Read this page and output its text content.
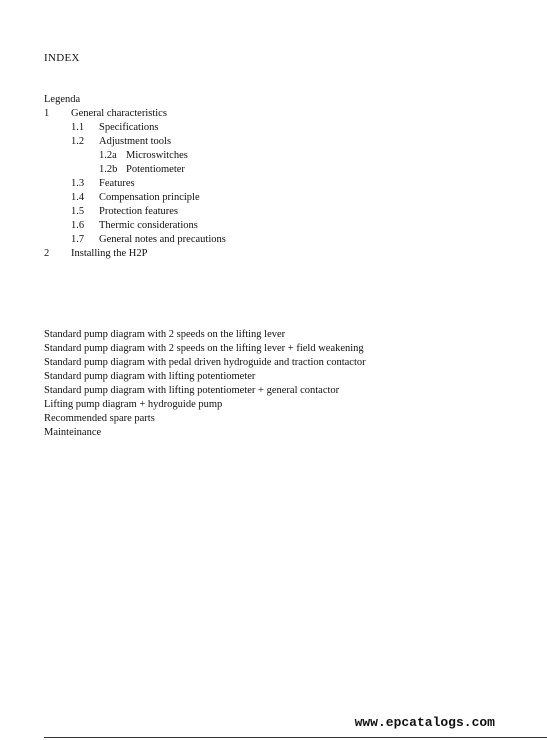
INDEX
Legenda
1 General characteristics
1.1 Specifications
1.2 Adjustment tools
1.2a Microswitches
1.2b Potentiometer
1.3 Features
1.4 Compensation principle
1.5 Protection features
1.6 Thermic considerations
1.7 General notes and precautions
2 Installing the H2P
Standard pump diagram with 2 speeds on the lifting lever
Standard pump diagram with 2 speeds on the lifting lever + field weakening
Standard pump diagram with pedal driven hydroguide and traction contactor
Standard pump diagram with lifting potentiometer
Standard pump diagram with lifting potentiometer + general contactor
Lifting pump diagram + hydroguide pump
Recommended spare parts
Mainteinance
www.epcatalogs.com
